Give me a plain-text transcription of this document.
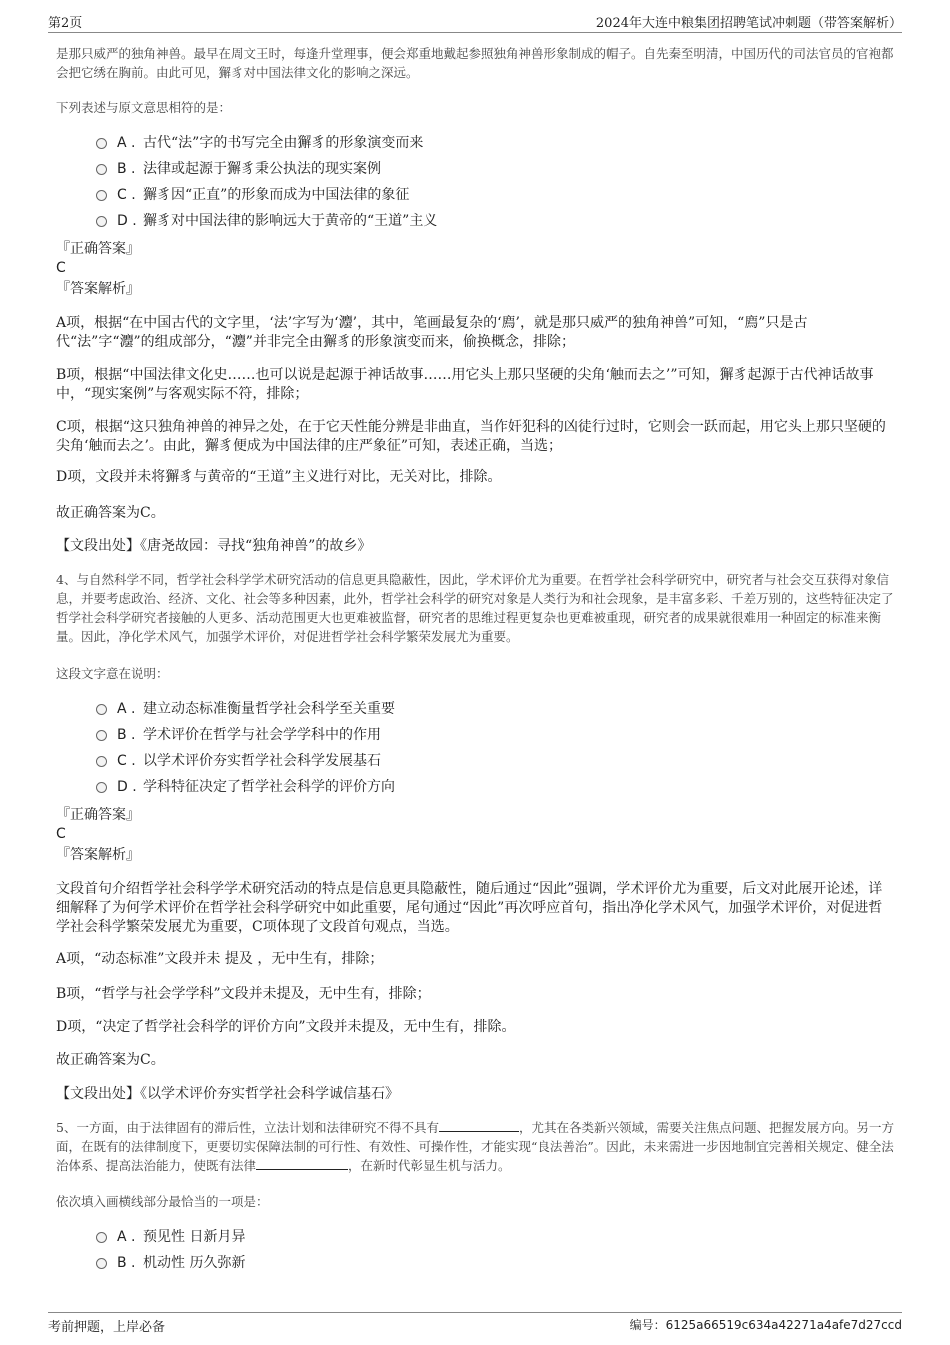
第2页	2024年大连中粮集团招聘笔试冲刺题（带答案解析）
是那只威严的独角神兽。最早在周文王时，每逢升堂理事，便会郑重地戴起参照独角神兽形象制成的帽子。自先秦至明清，中国历代的司法官员的官袍都会把它绣在胸前。由此可见，獬豸对中国法律文化的影响之深远。
下列表述与原文意思相符的是：
A . 古代“法”字的书写完全由獬豸的形象演变而来
B . 法律或起源于獬豸秉公执法的现实案例
C . 獬豸因“正直”的形象而成为中国法律的象征
D . 獬豸对中国法律的影响远大于黄帝的“王道”主义
『正确答案』
C
『答案解析』
A项，根据“在中国古代的文字里，‘法’字写为‘灋’，其中，笔画最复杂的‘廌’，就是那只威严的独角神兽”可知，“廌”只是古代“法”字“灋”的组成部分，“灋”并非完全由獬豸的形象演变而来，偷换概念，排除；
B项，根据“中国法律文化史……也可以说是起源于神话故事……用它头上那只坚硬的尖角‘触而去之’”可知，獬豸起源于古代神话故事中，“现实案例”与客观实际不符，排除；
C项，根据“这只独角神兽的神异之处，在于它天性能分辨是非曲直，当作奸犯科的凶徒行过时，它则会一跃而起，用它头上那只坚硬的尖角‘触而去之’。由此，獬豸便成为中国法律的庄严象征”可知，表述正确，当选；
D项，文段并未将獬豸与黄帝的“王道”主义进行对比，无关对比，排除。
故正确答案为C。
【文段出处】《唐尧故园：寻找“独角神兽”的故乡》
4、与自然科学不同，哲学社会科学学术研究活动的信息更具隐蔽性，因此，学术评价尤为重要。在哲学社会科学研究中，研究者与社会交互获得对象信息，并要考虑政治、经济、文化、社会等多种因素，此外，哲学社会科学的研究对象是人类行为和社会现象，是丰富多彩、千差万别的，这些特征决定了哲学社会科学研究者接触的人更多、活动范围更大也更难被监督，研究者的思维过程更复杂也更难被重现，研究者的成果就很难用一种固定的标准来衡量。因此，净化学术风气，加强学术评价，对促进哲学社会科学繁荣发展尤为重要。
这段文字意在说明：
A . 建立动态标准衡量哲学社会科学至关重要
B . 学术评价在哲学与社会学学科中的作用
C . 以学术评价夯实哲学社会科学发展基石
D . 学科特征决定了哲学社会科学的评价方向
『正确答案』
C
『答案解析』
文段首句介绍哲学社会科学学术研究活动的特点是信息更具隐蔽性，随后通过“因此”强调，学术评价尤为重要，后文对此展开论述，详细解释了为何学术评价在哲学社会科学研究中如此重要，尾句通过“因此”再次呼应首句，指出净化学术风气，加强学术评价，对促进哲学社会科学繁荣发展尤为重要，C项体现了文段首句观点，当选。
A项，“动态标准”文段并未 提及 ，无中生有，排除；
B项，“哲学与社会学学科”文段并未提及，无中生有，排除；
D项，“决定了哲学社会科学的评价方向”文段并未提及，无中生有，排除。
故正确答案为C。
【文段出处】《以学术评价夯实哲学社会科学诚信基石》
5、一方面，由于法律固有的滞后性，立法计划和法律研究不得不具有	，尤其在各类新兴领域，需要关注焦点问题、把握发展方向。另一方面，在既有的法律制度下，更要切实保障法制的可行性、有效性、可操作性，才能实现“良法善治”。因此，未来需进一步因地制宜完善相关规定、健全法治体系、提高法治能力，使既有法律	，在新时代彰显生机与活力。
依次填入画横线部分最恰当的一项是：
A . 预见性 日新月异
B . 机动性 历久弥新
考前押题，上岸必备	编号：6125a66519c634a42271a4afe7d27ccd
